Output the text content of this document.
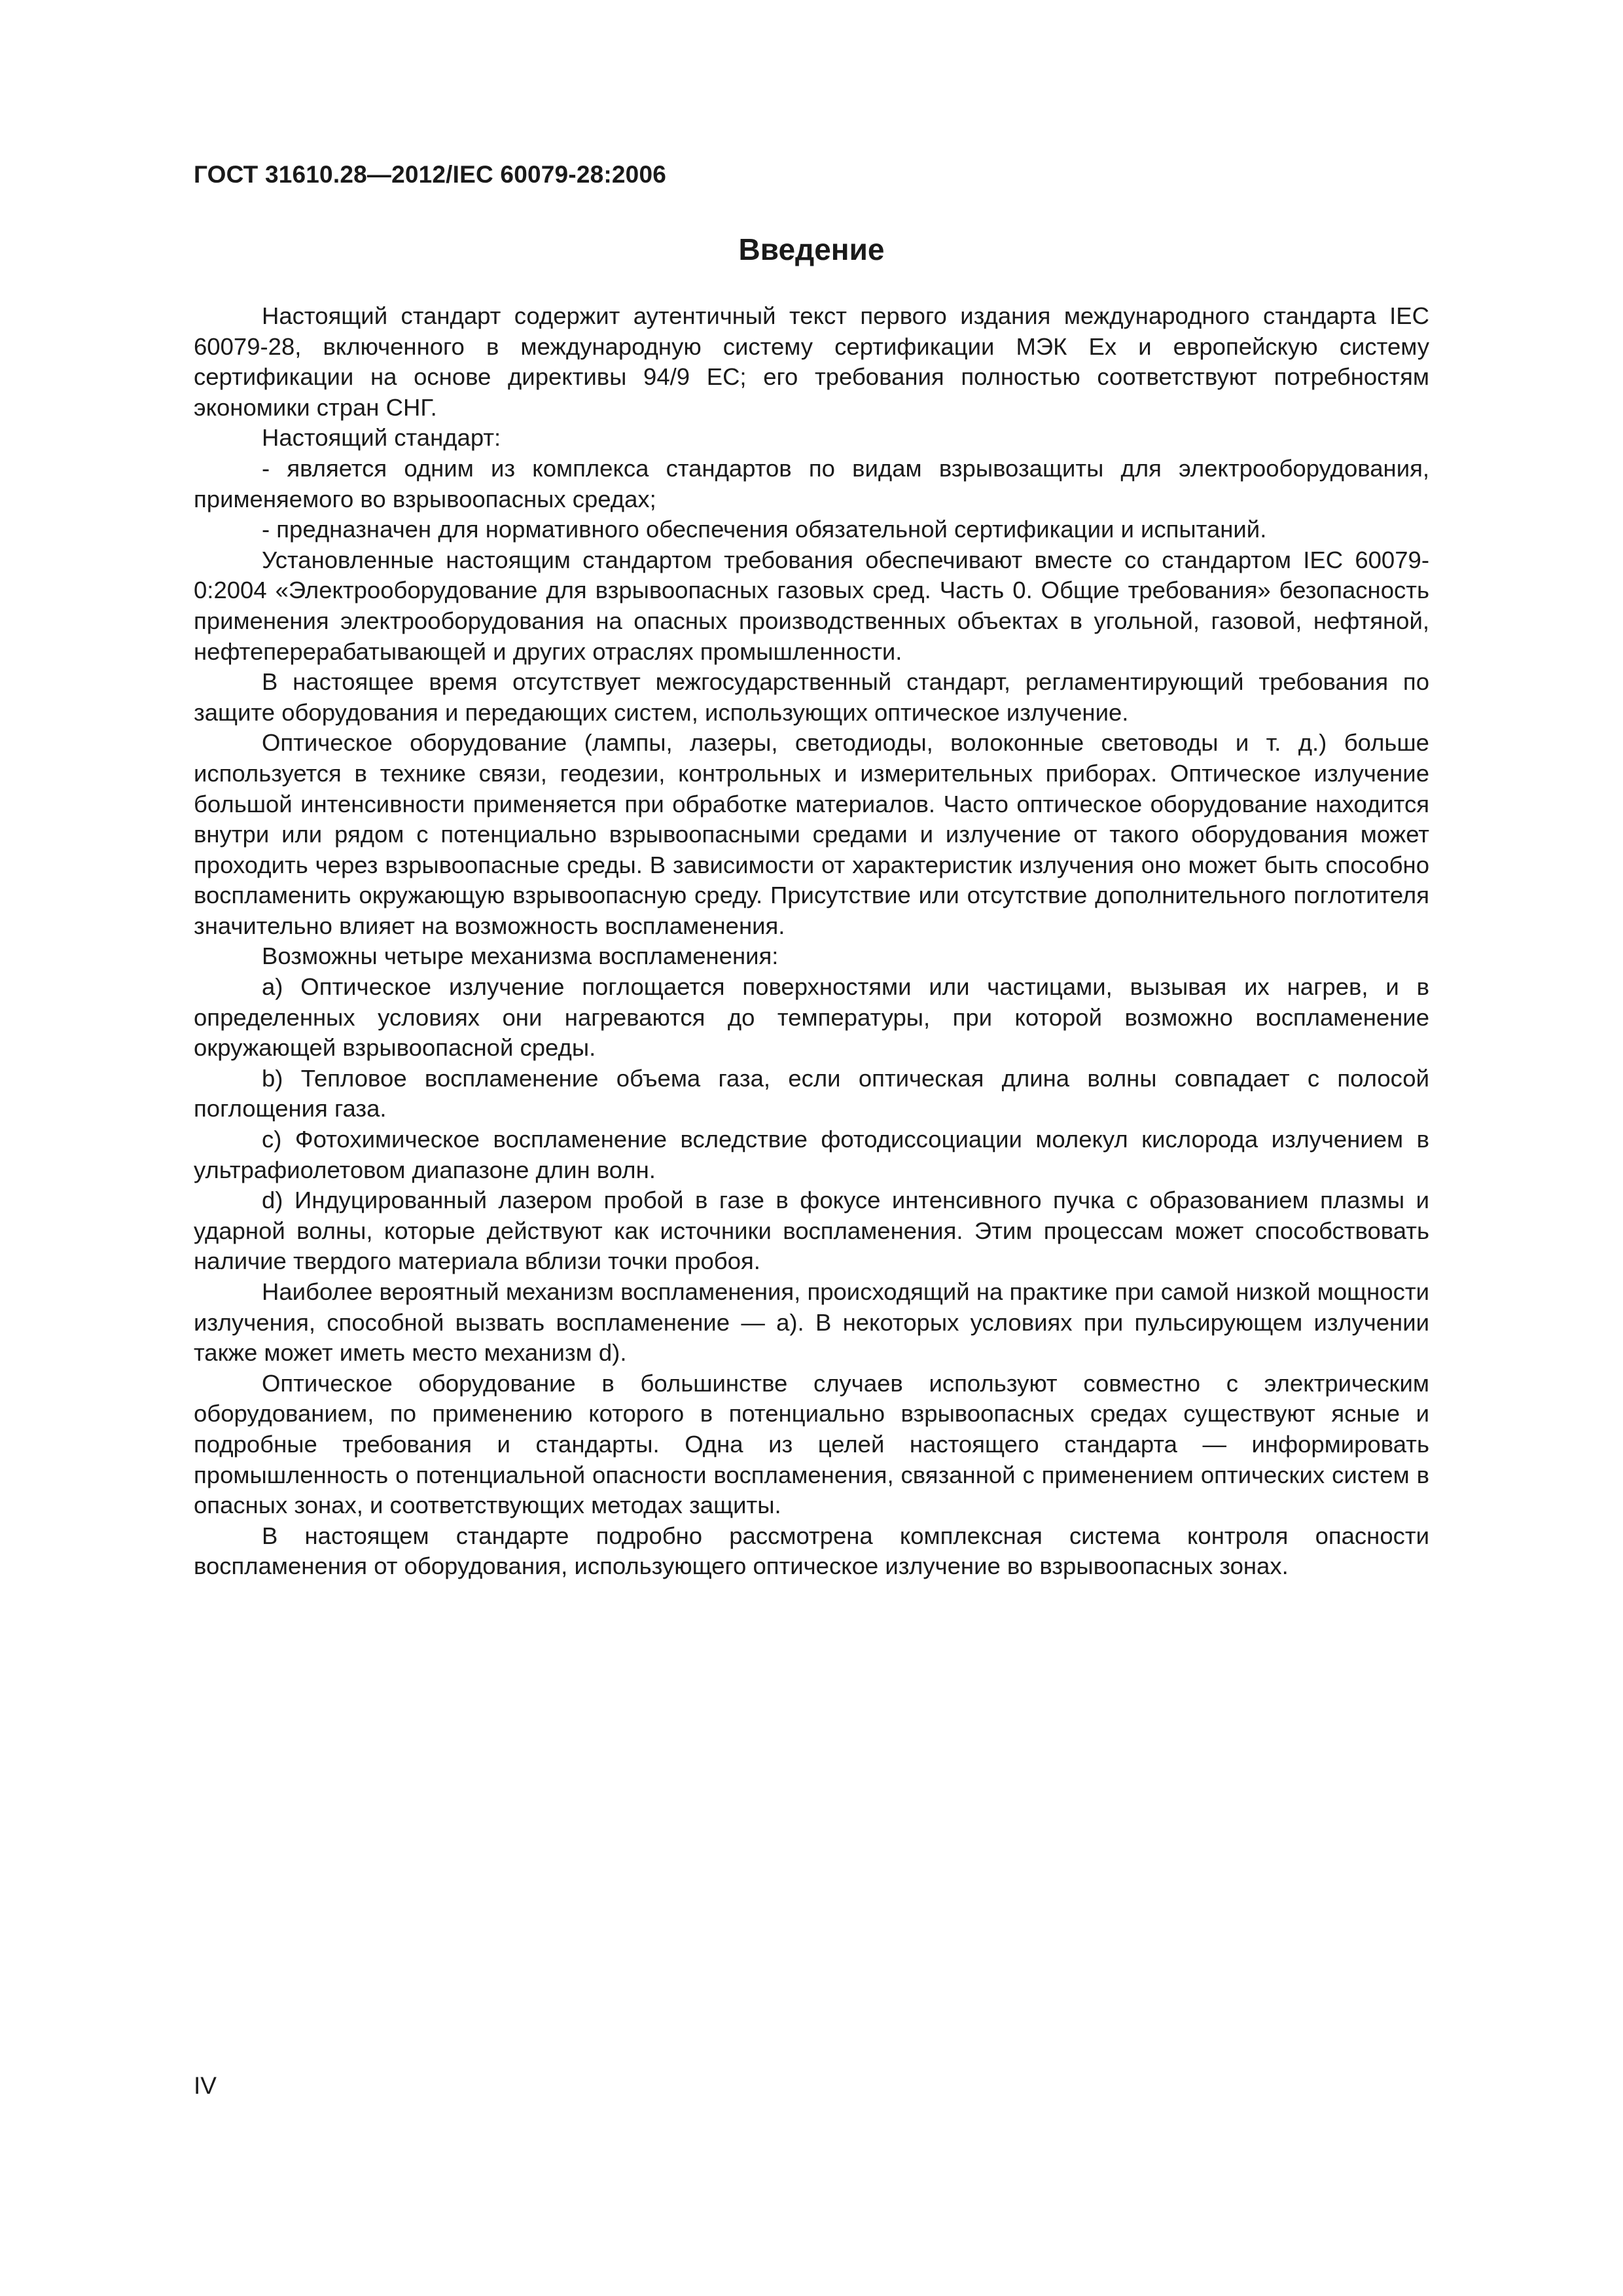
ГОСТ 31610.28—2012/IEC 60079-28:2006
Введение

Настоящий стандарт содержит аутентичный текст первого издания международного стандарта IEC 60079-28, включенного в международную систему сертификации МЭК Ех и европейскую систему сертификации на основе директивы 94/9 ЕС; его требования полностью соответствуют потребностям экономики стран СНГ.

Настоящий стандарт:

- является одним из комплекса стандартов по видам взрывозащиты для электрооборудования, применяемого во взрывоопасных средах;

- предназначен для нормативного обеспечения обязательной сертификации и испытаний.

Установленные настоящим стандартом требования обеспечивают вместе со стандартом IEC 60079-0:2004 «Электрооборудование для взрывоопасных газовых сред. Часть 0. Общие требования» безопасность применения электрооборудования на опасных производственных объектах в угольной, газовой, нефтяной, нефтеперерабатывающей и других отраслях промышленности.

В настоящее время отсутствует межгосударственный стандарт, регламентирующий требования по защите оборудования и передающих систем, использующих оптическое излучение.

Оптическое оборудование (лампы, лазеры, светодиоды, волоконные световоды и т. д.) больше используется в технике связи, геодезии, контрольных и измерительных приборах. Оптическое излучение большой интенсивности применяется при обработке материалов. Часто оптическое оборудование находится внутри или рядом с потенциально взрывоопасными средами и излучение от такого оборудования может проходить через взрывоопасные среды. В зависимости от характеристик излучения оно может быть способно воспламенить окружающую взрывоопасную среду. Присутствие или отсутствие дополнительного поглотителя значительно влияет на возможность воспламенения.

Возможны четыре механизма воспламенения:

a) Оптическое излучение поглощается поверхностями или частицами, вызывая их нагрев, и в определенных условиях они нагреваются до температуры, при которой возможно воспламенение окружающей взрывоопасной среды.

b) Тепловое воспламенение объема газа, если оптическая длина волны совпадает с полосой поглощения газа.

c) Фотохимическое воспламенение вследствие фотодиссоциации молекул кислорода излучением в ультрафиолетовом диапазоне длин волн.

d) Индуцированный лазером пробой в газе в фокусе интенсивного пучка с образованием плазмы и ударной волны, которые действуют как источники воспламенения. Этим процессам может способствовать наличие твердого материала вблизи точки пробоя.

Наиболее вероятный механизм воспламенения, происходящий на практике при самой низкой мощности излучения, способной вызвать воспламенение — a). В некоторых условиях при пульсирующем излучении также может иметь место механизм d).

Оптическое оборудование в большинстве случаев используют совместно с электрическим оборудованием, по применению которого в потенциально взрывоопасных средах существуют ясные и подробные требования и стандарты. Одна из целей настоящего стандарта — информировать промышленность о потенциальной опасности воспламенения, связанной с применением оптических систем в опасных зонах, и соответствующих методах защиты.

В настоящем стандарте подробно рассмотрена комплексная система контроля опасности воспламенения от оборудования, использующего оптическое излучение во взрывоопасных зонах.

IV
